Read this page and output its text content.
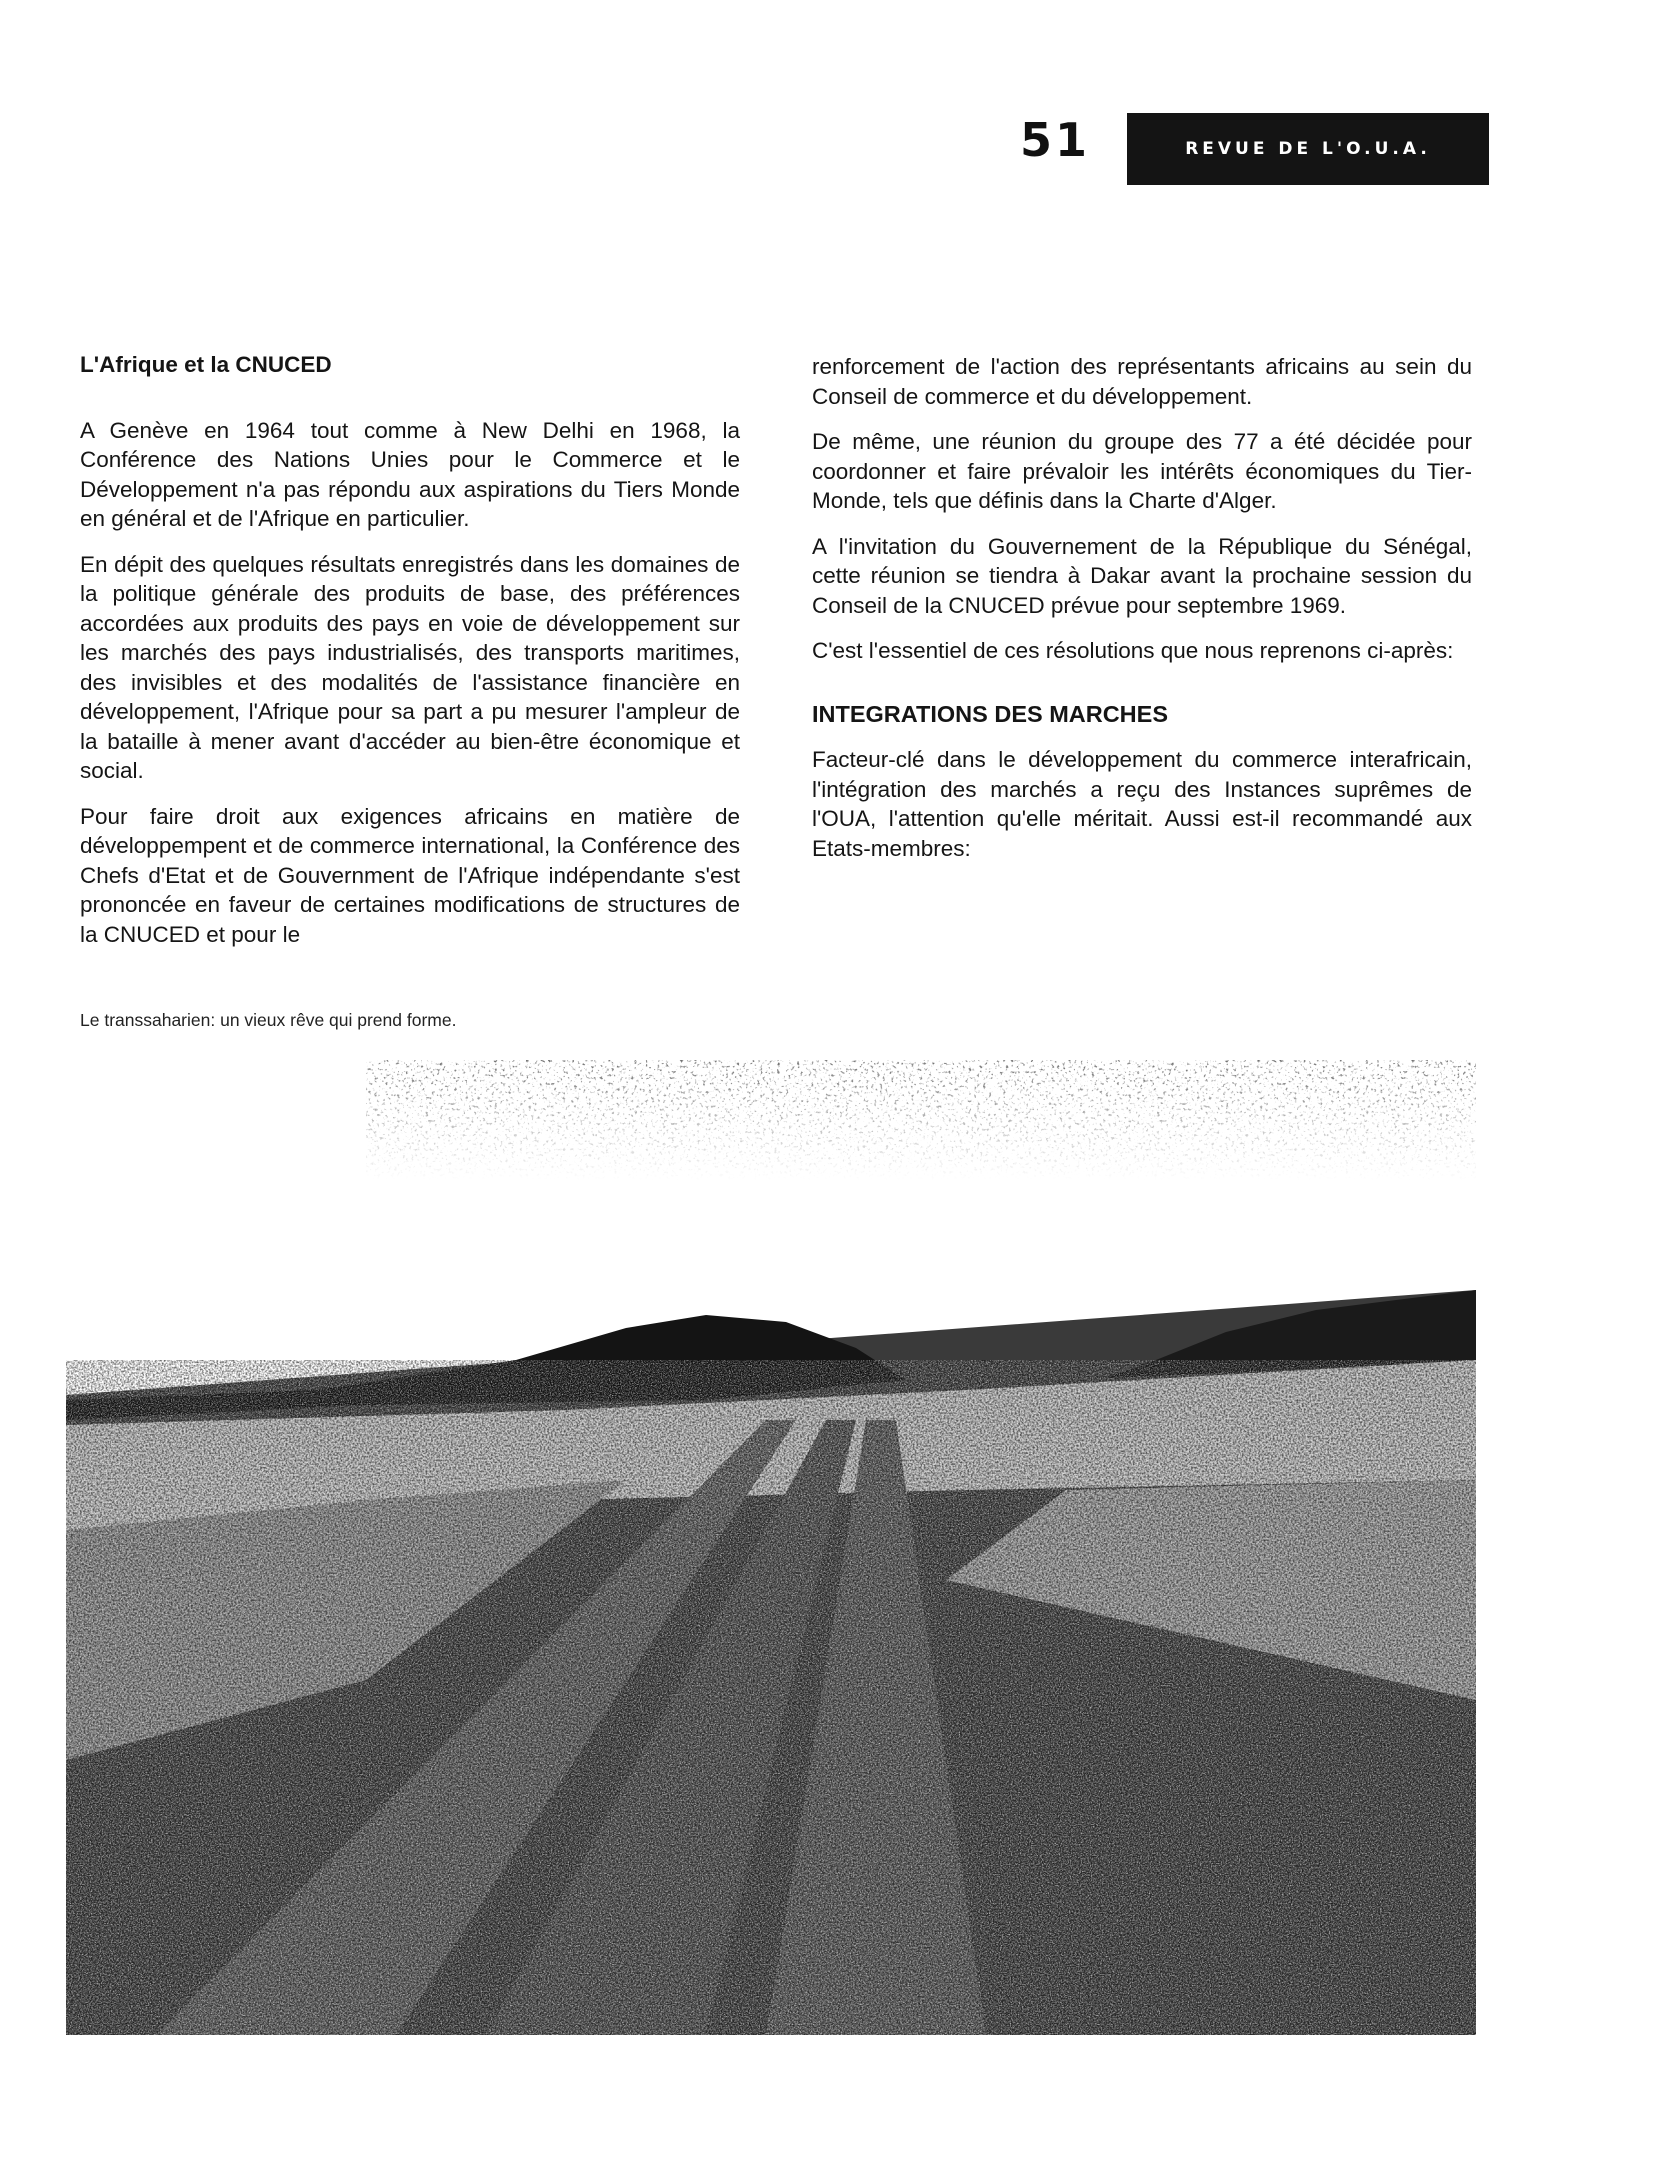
51	REVUE DE L'O.U.A.
L'Afrique et la CNUCED

A Genève en 1964 tout comme à New Delhi en 1968, la Conférence des Nations Unies pour le Commerce et le Développement n'a pas répondu aux aspirations du Tiers Monde en général et de l'Afrique en particulier.

En dépit des quelques résultats enregistrés dans les domaines de la politique générale des produits de base, des préférences accordées aux produits des pays en voie de développement sur les marchés des pays industrialisés, des transports maritimes, des invisibles et des modalités de l'assistance financière en développement, l'Afrique pour sa part a pu mesurer l'ampleur de la bataille à mener avant d'accéder au bien-être économique et social.

Pour faire droit aux exigences africains en matière de développempent et de commerce international, la Conférence des Chefs d'Etat et de Gouvernment de l'Afrique indépendante s'est prononcée en faveur de certaines modifications de structures de la CNUCED et pour le

renforcement de l'action des représentants africains au sein du Conseil de commerce et du développement.

De même, une réunion du groupe des 77 a été décidée pour coordonner et faire prévaloir les intérêts économiques du Tier-Monde, tels que définis dans la Charte d'Alger.

A l'invitation du Gouvernement de la République du Sénégal, cette réunion se tiendra à Dakar avant la prochaine session du Conseil de la CNUCED prévue pour septembre 1969.

C'est l'essentiel de ces résolutions que nous reprenons ci-après:

INTEGRATIONS DES MARCHES

Facteur-clé dans le développement du commerce interafricain, l'intégration des marchés a reçu des Instances suprêmes de l'OUA, l'attention qu'elle méritait. Aussi est-il recommandé aux Etats-membres:

Le transsaharien: un vieux rêve qui prend forme.
